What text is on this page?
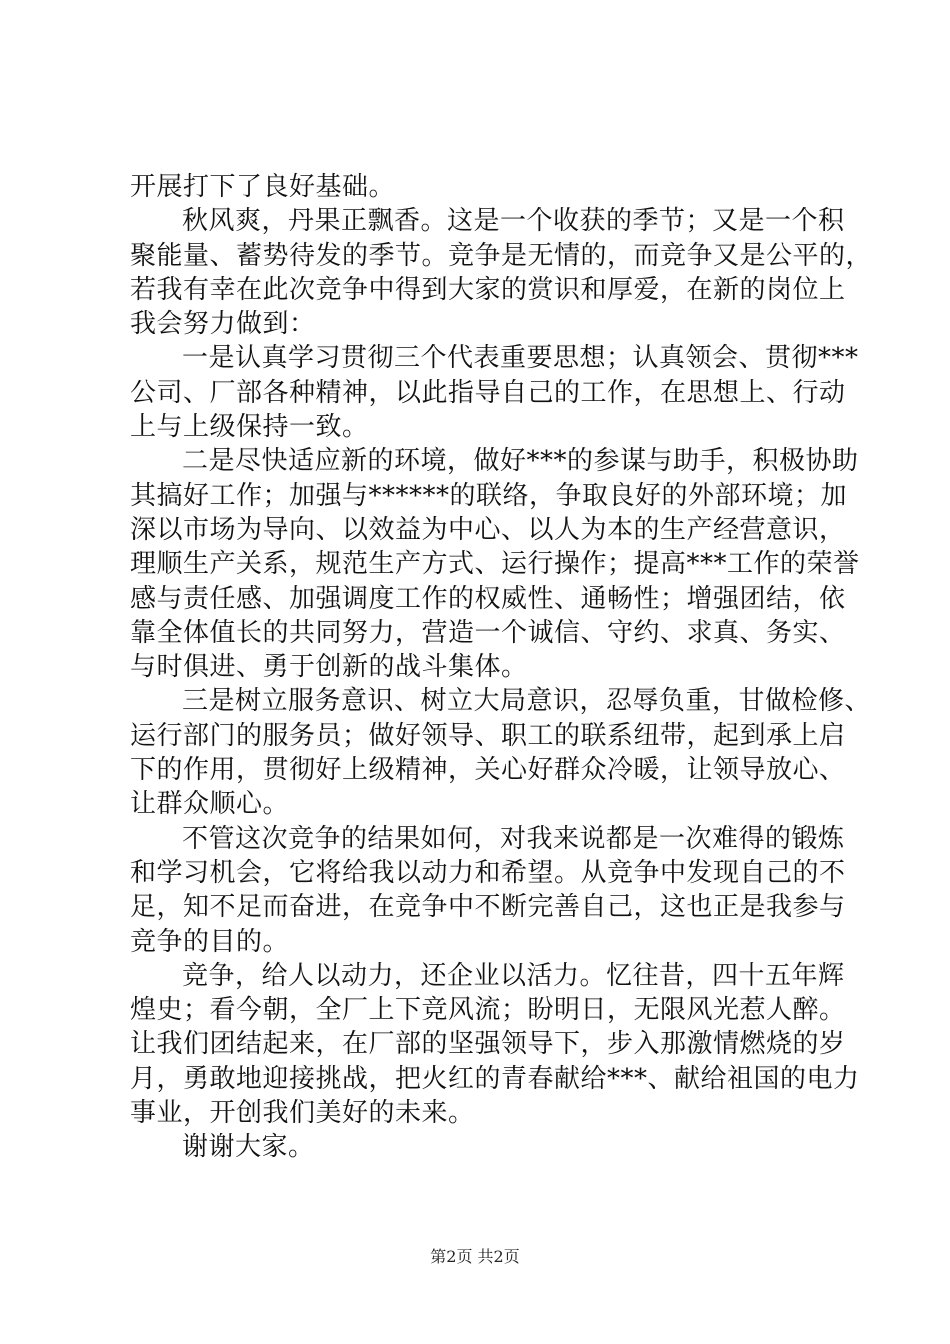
开展打下了良好基础。
秋风爽，丹果正飘香。这是一个收获的季节；又是一个积
聚能量、蓄势待发的季节。竞争是无情的，而竞争又是公平的，
若我有幸在此次竞争中得到大家的赏识和厚爱，在新的岗位上
我会努力做到：
一是认真学习贯彻三个代表重要思想；认真领会、贯彻***
公司、厂部各种精神，以此指导自己的工作，在思想上、行动
上与上级保持一致。
二是尽快适应新的环境，做好***的参谋与助手，积极协助
其搞好工作；加强与******的联络，争取良好的外部环境；加
深以市场为导向、以效益为中心、以人为本的生产经营意识，
理顺生产关系，规范生产方式、运行操作；提高***工作的荣誉
感与责任感、加强调度工作的权威性、通畅性；增强团结，依
靠全体值长的共同努力，营造一个诚信、守约、求真、务实、
与时俱进、勇于创新的战斗集体。
三是树立服务意识、树立大局意识，忍辱负重，甘做检修、
运行部门的服务员；做好领导、职工的联系纽带，起到承上启
下的作用，贯彻好上级精神，关心好群众冷暖，让领导放心、
让群众顺心。
不管这次竞争的结果如何，对我来说都是一次难得的锻炼
和学习机会，它将给我以动力和希望。从竞争中发现自己的不
足，知不足而奋进，在竞争中不断完善自己，这也正是我参与
竞争的目的。
竞争，给人以动力，还企业以活力。忆往昔，四十五年辉
煌史；看今朝，全厂上下竞风流；盼明日，无限风光惹人醉。
让我们团结起来，在厂部的坚强领导下，步入那激情燃烧的岁
月，勇敢地迎接挑战，把火红的青春献给***、献给祖国的电力
事业，开创我们美好的未来。
谢谢大家。
第2页 共2页
